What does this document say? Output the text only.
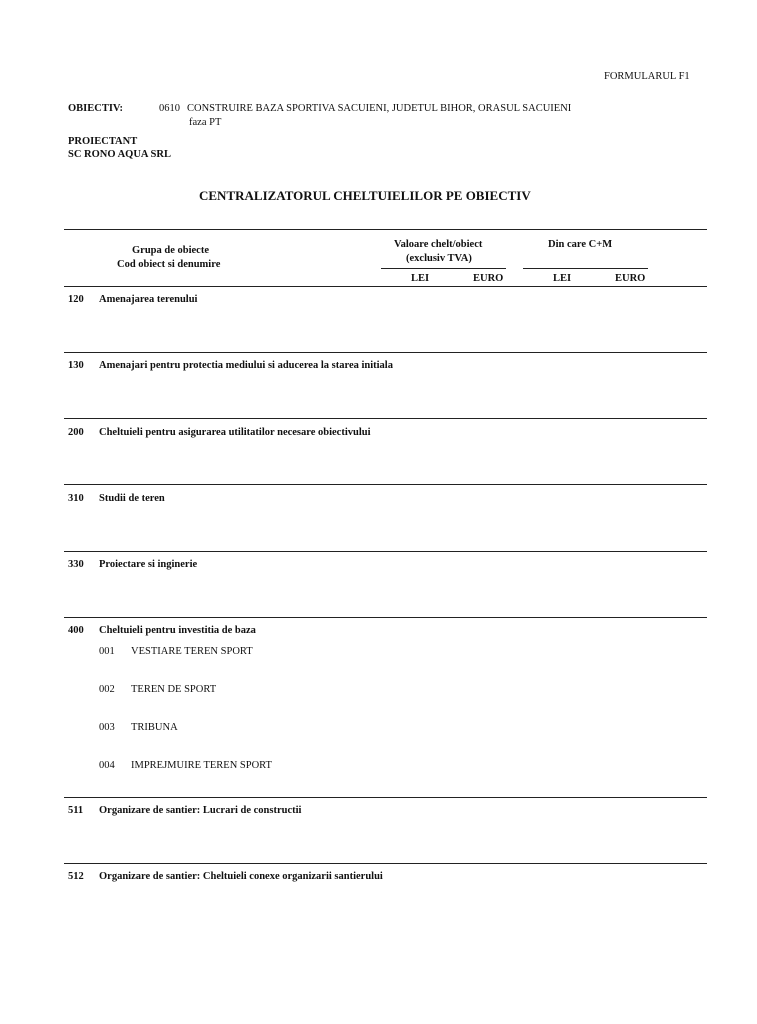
FORMULARUL F1
OBIECTIV:	0610 CONSTRUIRE BAZA SPORTIVA SACUIENI, JUDETUL BIHOR, ORASUL SACUIENI
faza PT
PROIECTANT
SC RONO AQUA SRL
CENTRALIZATORUL CHELTUIELILOR PE OBIECTIV
Grupa de obiecte
Cod obiect si denumire
Valoare chelt/obiect
(exclusiv TVA)
Din care C+M
LEI	EURO	LEI	EURO
120 Amenajarea terenului
130 Amenajari pentru protectia mediului si aducerea la starea initiala
200 Cheltuieli pentru asigurarea utilitatilor necesare obiectivului
310 Studii de teren
330 Proiectare si inginerie
400 Cheltuieli pentru investitia de baza
001 VESTIARE TEREN SPORT
002 TEREN DE SPORT
003 TRIBUNA
004 IMPREJMUIRE TEREN SPORT
511 Organizare de santier: Lucrari de constructii
512 Organizare de santier: Cheltuieli conexe organizarii santierului
